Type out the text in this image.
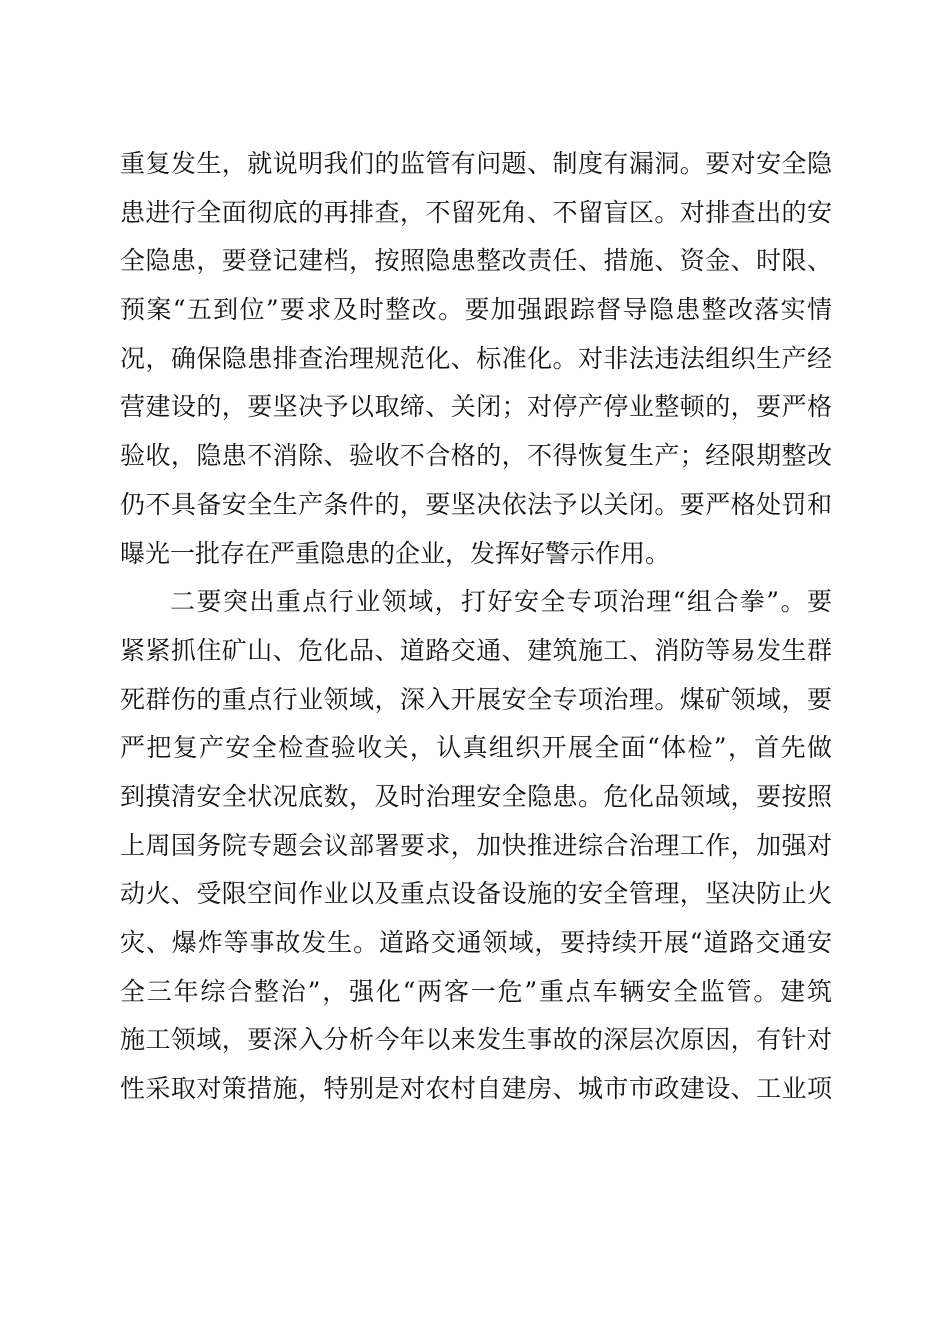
重复发生，就说明我们的监管有问题、制度有漏洞。要对安全隐
患进行全面彻底的再排查，不留死角、不留盲区。对排查出的安
全隐患，要登记建档，按照隐患整改责任、措施、资金、时限、
预案“五到位”要求及时整改。要加强跟踪督导隐患整改落实情
况，确保隐患排查治理规范化、标准化。对非法违法组织生产经
营建设的，要坚决予以取缔、关闭；对停产停业整顿的，要严格
验收，隐患不消除、验收不合格的，不得恢复生产；经限期整改
仍不具备安全生产条件的，要坚决依法予以关闭。要严格处罚和
曝光一批存在严重隐患的企业，发挥好警示作用。
二要突出重点行业领域，打好安全专项治理“组合拳”。要
紧紧抓住矿山、危化品、道路交通、建筑施工、消防等易发生群
死群伤的重点行业领域，深入开展安全专项治理。煤矿领域，要
严把复产安全检查验收关，认真组织开展全面“体检”，首先做
到摸清安全状况底数，及时治理安全隐患。危化品领域，要按照
上周国务院专题会议部署要求，加快推进综合治理工作，加强对
动火、受限空间作业以及重点设备设施的安全管理，坚决防止火
灾、爆炸等事故发生。道路交通领域，要持续开展“道路交通安
全三年综合整治”，强化“两客一危”重点车辆安全监管。建筑
施工领域，要深入分析今年以来发生事故的深层次原因，有针对
性采取对策措施，特别是对农村自建房、城市市政建设、工业项
